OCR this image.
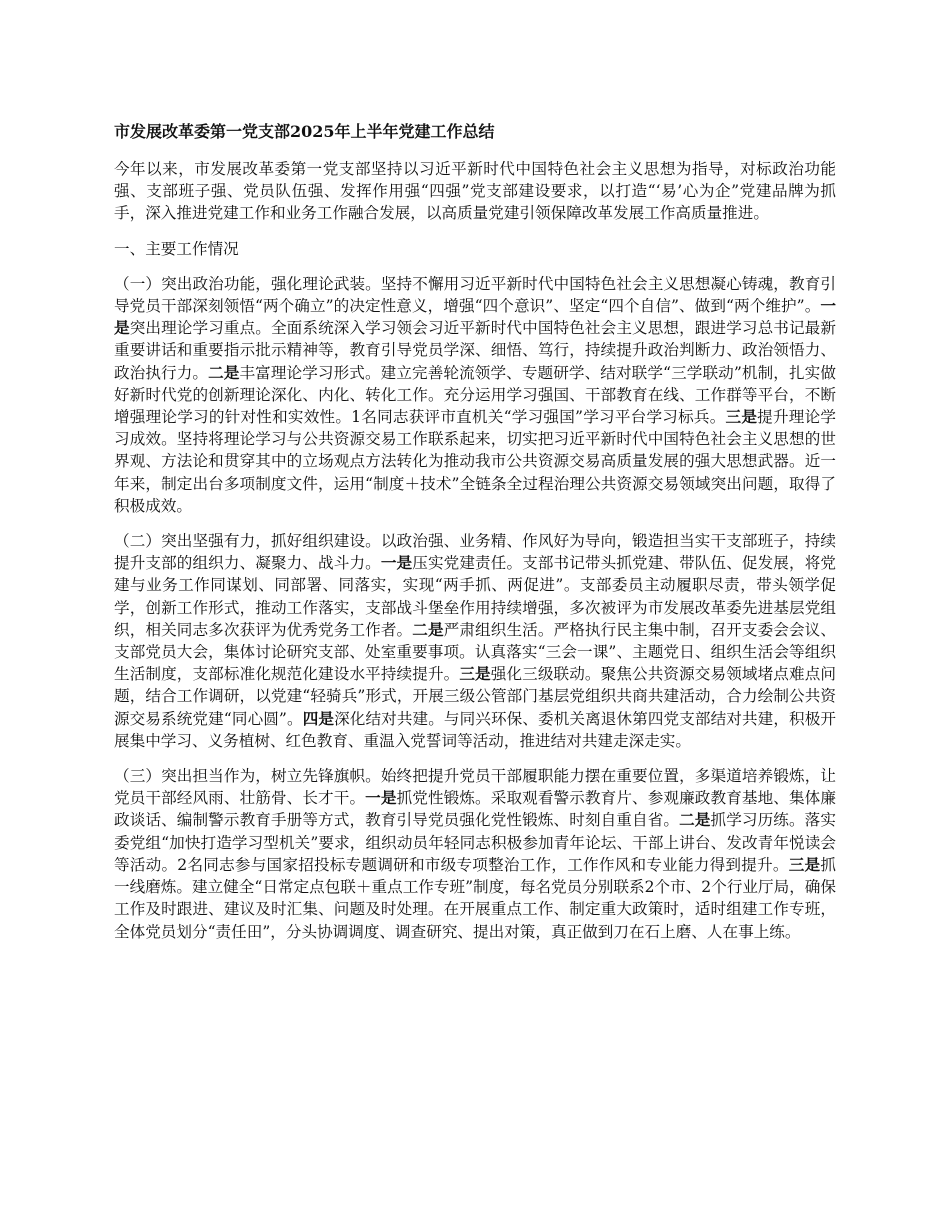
市发展改革委第一党支部2025年上半年党建工作总结
今年以来，市发展改革委第一党支部坚持以习近平新时代中国特色社会主义思想为指导，对标政治功能强、支部班子强、党员队伍强、发挥作用强“四强”党支部建设要求，以打造“‘易’心为企”党建品牌为抓手，深入推进党建工作和业务工作融合发展，以高质量党建引领保障改革发展工作高质量推进。
一、主要工作情况
（一）突出政治功能，强化理论武装。坚持不懈用习近平新时代中国特色社会主义思想凝心铸魂，教育引导党员干部深刻领悟“两个确立”的决定性意义，增强“四个意识”、坚定“四个自信”、做到“两个维护”。一是突出理论学习重点。全面系统深入学习领会习近平新时代中国特色社会主义思想，跟进学习总书记最新重要讲话和重要指示批示精神等，教育引导党员学深、细悟、笃行，持续提升政治判断力、政治领悟力、政治执行力。二是丰富理论学习形式。建立完善轮流领学、专题研学、结对联学“三学联动”机制，扎实做好新时代党的创新理论深化、内化、转化工作。充分运用学习强国、干部教育在线、工作群等平台，不断增强理论学习的针对性和实效性。1名同志获评市直机关“学习强国”学习平台学习标兵。三是提升理论学习成效。坚持将理论学习与公共资源交易工作联系起来，切实把习近平新时代中国特色社会主义思想的世界观、方法论和贯穿其中的立场观点方法转化为推动我市公共资源交易高质量发展的强大思想武器。近一年来，制定出台多项制度文件，运用“制度＋技术”全链条全过程治理公共资源交易领域突出问题，取得了积极成效。
（二）突出坚强有力，抓好组织建设。以政治强、业务精、作风好为导向，锻造担当实干支部班子，持续提升支部的组织力、凝聚力、战斗力。一是压实党建责任。支部书记带头抓党建、带队伍、促发展，将党建与业务工作同谋划、同部署、同落实，实现“两手抓、两促进”。支部委员主动履职尽责，带头领学促学，创新工作形式，推动工作落实，支部战斗堡垒作用持续增强，多次被评为市发展改革委先进基层党组织，相关同志多次获评为优秀党务工作者。二是严肃组织生活。严格执行民主集中制，召开支委会会议、支部党员大会，集体讨论研究支部、处室重要事项。认真落实“三会一课”、主题党日、组织生活会等组织生活制度，支部标准化规范化建设水平持续提升。三是强化三级联动。聚焦公共资源交易领域堵点难点问题，结合工作调研，以党建“轻骑兵”形式，开展三级公管部门基层党组织共商共建活动，合力绘制公共资源交易系统党建“同心圆”。四是深化结对共建。与同兴环保、委机关离退休第四党支部结对共建，积极开展集中学习、义务植树、红色教育、重温入党誓词等活动，推进结对共建走深走实。
（三）突出担当作为，树立先锋旗帜。始终把提升党员干部履职能力摆在重要位置，多渠道培养锻炼，让党员干部经风雨、壮筋骨、长才干。一是抓党性锻炼。采取观看警示教育片、参观廉政教育基地、集体廉政谈话、编制警示教育手册等方式，教育引导党员强化党性锻炼、时刻自重自省。二是抓学习历练。落实委党组“加快打造学习型机关”要求，组织动员年轻同志积极参加青年论坛、干部上讲台、发改青年悦读会等活动。2名同志参与国家招投标专题调研和市级专项整治工作，工作作风和专业能力得到提升。三是抓一线磨炼。建立健全“日常定点包联＋重点工作专班”制度，每名党员分别联系2个市、2个行业厅局，确保工作及时跟进、建议及时汇集、问题及时处理。在开展重点工作、制定重大政策时，适时组建工作专班，全体党员划分“责任田”，分头协调调度、调查研究、提出对策，真正做到刀在石上磨、人在事上练。
